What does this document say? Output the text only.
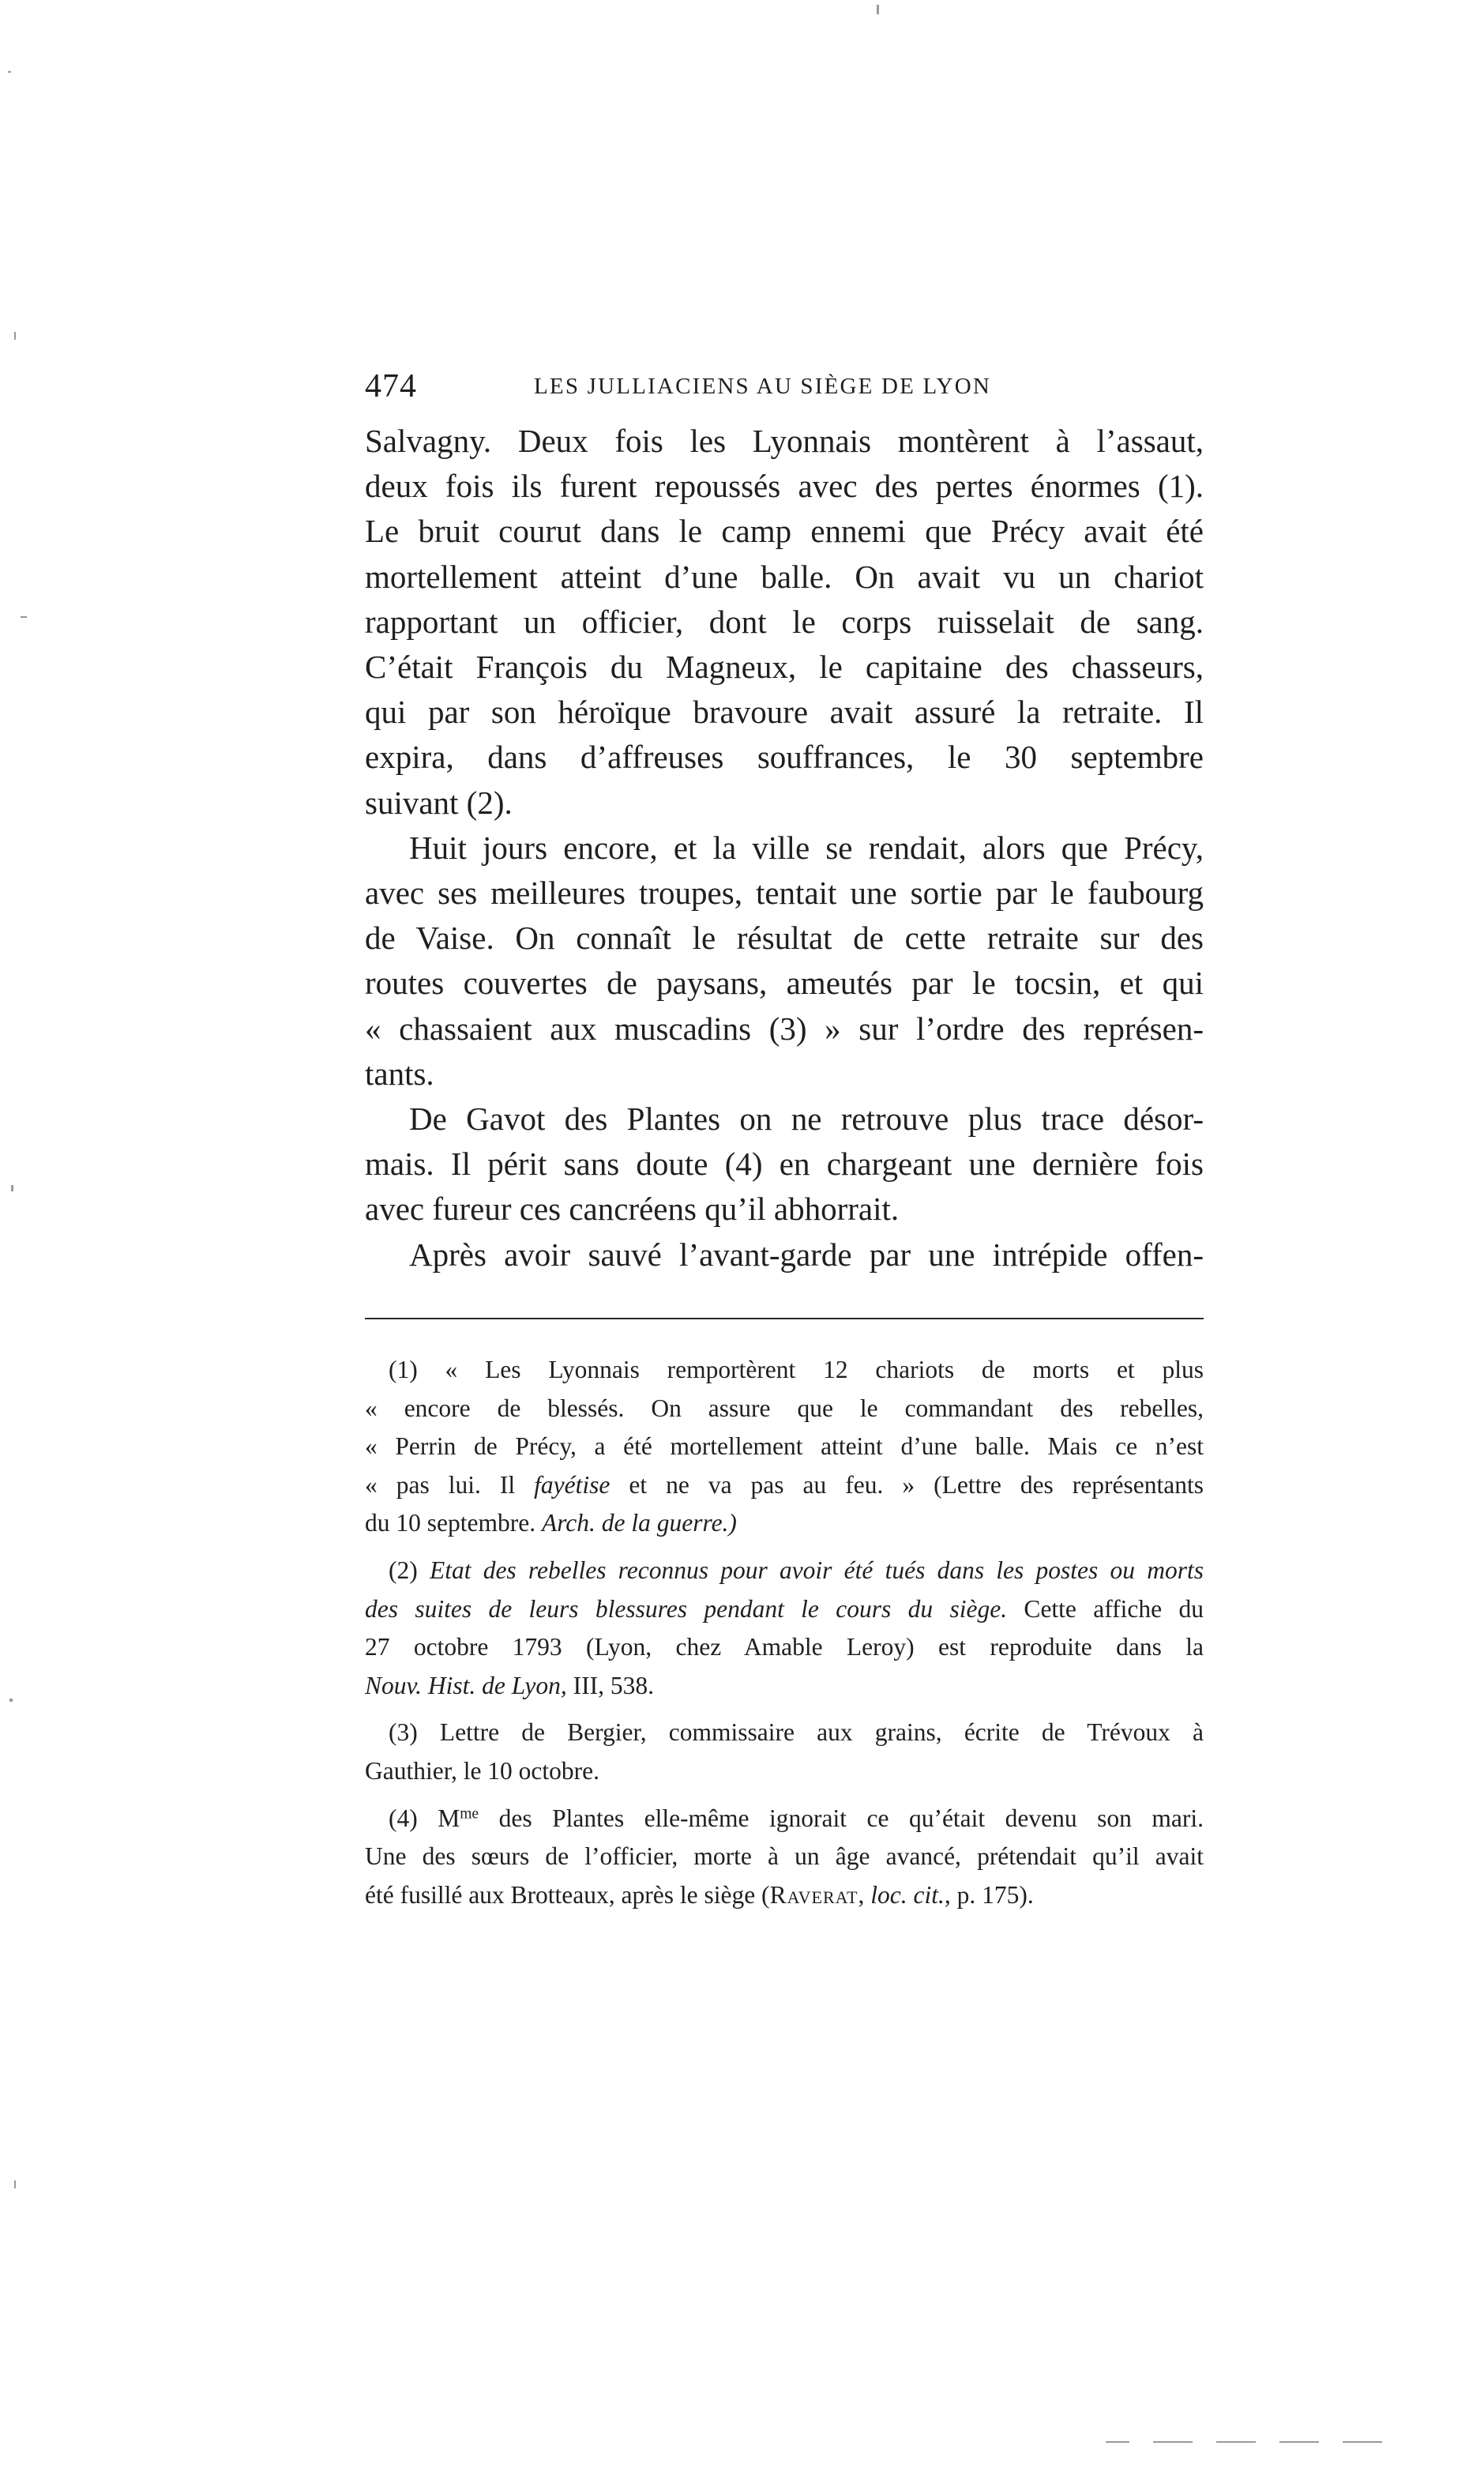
474	LES JULLIACIENS AU SIÈGE DE LYON

Salvagny. Deux fois les Lyonnais montèrent à l’assaut,
deux fois ils furent repoussés avec des pertes énormes (1).
Le bruit courut dans le camp ennemi que Précy avait été
mortellement atteint d’une balle. On avait vu un chariot
rapportant un officier, dont le corps ruisselait de sang.
C’était François du Magneux, le capitaine des chasseurs,
qui par son héroïque bravoure avait assuré la retraite. Il
expira, dans d’affreuses souffrances, le 30 septembre
suivant (2).

Huit jours encore, et la ville se rendait, alors que Précy,
avec ses meilleures troupes, tentait une sortie par le faubourg
de Vaise. On connaît le résultat de cette retraite sur des
routes couvertes de paysans, ameutés par le tocsin, et qui
« chassaient aux muscadins (3) » sur l’ordre des représen-
tants.

De Gavot des Plantes on ne retrouve plus trace désor-
mais. Il périt sans doute (4) en chargeant une dernière fois
avec fureur ces cancréens qu’il abhorrait.

Après avoir sauvé l’avant-garde par une intrépide offen-

(1) « Les Lyonnais remportèrent 12 chariots de morts et plus
« encore de blessés. On assure que le commandant des rebelles,
« Perrin de Précy, a été mortellement atteint d’une balle. Mais ce n’est
« pas lui. Il fayétise et ne va pas au feu. » (Lettre des représentants
du 10 septembre. Arch. de la guerre.)

(2) Etat des rebelles reconnus pour avoir été tués dans les postes ou morts
des suites de leurs blessures pendant le cours du siège. Cette affiche du
27 octobre 1793 (Lyon, chez Amable Leroy) est reproduite dans la
Nouv. Hist. de Lyon, III, 538.

(3) Lettre de Bergier, commissaire aux grains, écrite de Trévoux à
Gauthier, le 10 octobre.

(4) $M^{me}$ des Plantes elle-même ignorait ce qu’était devenu son mari.
Une des sœurs de l’officier, morte à un âge avancé, prétendait qu’il avait
été fusillé aux Brotteaux, après le siège (Raverat, loc. cit., p. 175).
